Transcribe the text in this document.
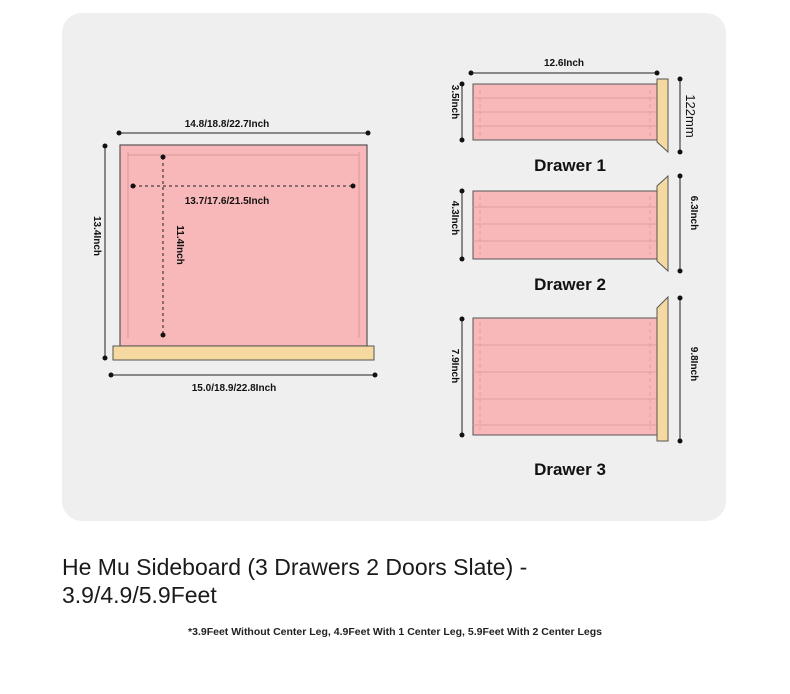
14.8/18.8/22.7Inch
13.4Inch
13.7/17.6/21.5Inch
11.4Inch
15.0/18.9/22.8Inch
12.6Inch
3.5Inch	122mm
Drawer 1
4.3Inch	6.3Inch
Drawer 2
7.9Inch	9.8Inch
Drawer 3
He Mu Sideboard (3 Drawers 2 Doors Slate) - 3.9/4.9/5.9Feet
*3.9Feet Without Center Leg, 4.9Feet With 1 Center Leg, 5.9Feet With 2 Center Legs
